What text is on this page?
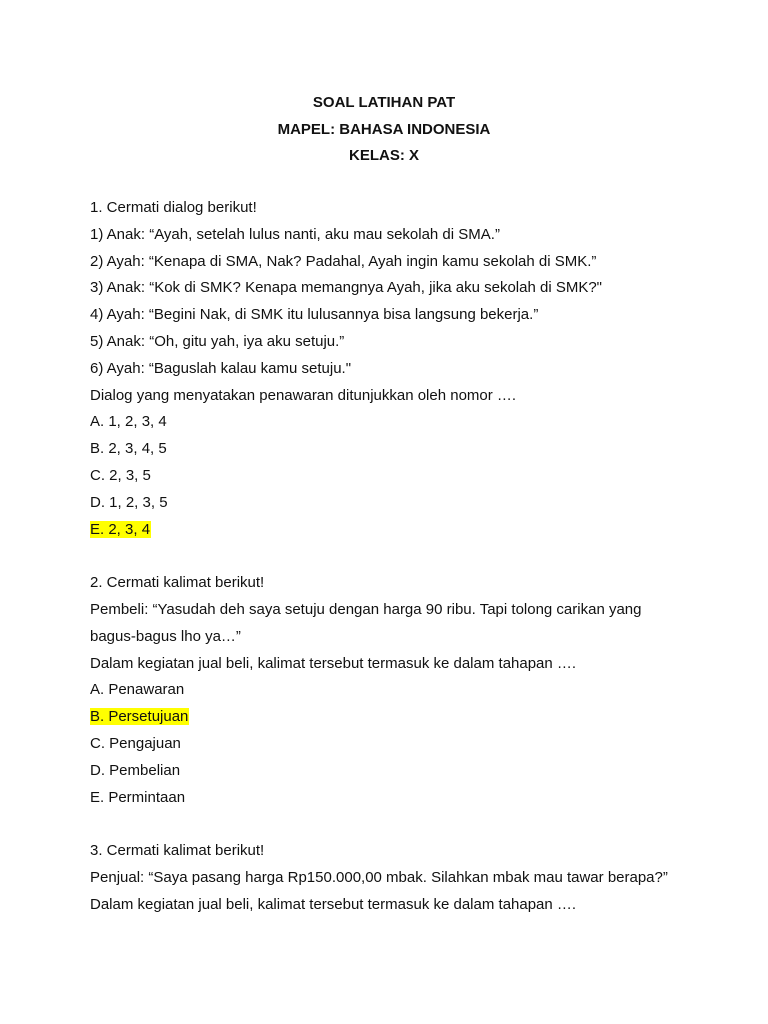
SOAL LATIHAN PAT
MAPEL: BAHASA INDONESIA
KELAS: X
1. Cermati dialog berikut!
1) Anak: “Ayah, setelah lulus nanti, aku mau sekolah di SMA.”
2) Ayah: “Kenapa di SMA, Nak? Padahal, Ayah ingin kamu sekolah di SMK.”
3) Anak: “Kok di SMK? Kenapa memangnya Ayah, jika aku sekolah di SMK?"
4) Ayah: “Begini Nak, di SMK itu lulusannya bisa langsung bekerja.”
5) Anak: “Oh, gitu yah, iya aku setuju.”
6) Ayah: “Baguslah kalau kamu setuju."
Dialog yang menyatakan penawaran ditunjukkan oleh nomor ….
A. 1, 2, 3, 4
B. 2, 3, 4, 5
C. 2, 3, 5
D. 1, 2, 3, 5
E. 2, 3, 4
2. Cermati kalimat berikut!
Pembeli: “Yasudah deh saya setuju dengan harga 90 ribu. Tapi tolong carikan yang
bagus-bagus lho ya…”
Dalam kegiatan jual beli, kalimat tersebut termasuk ke dalam tahapan ….
A. Penawaran
B. Persetujuan
C. Pengajuan
D. Pembelian
E. Permintaan
3. Cermati kalimat berikut!
Penjual: “Saya pasang harga Rp150.000,00 mbak. Silahkan mbak mau tawar berapa?”
Dalam kegiatan jual beli, kalimat tersebut termasuk ke dalam tahapan ….
